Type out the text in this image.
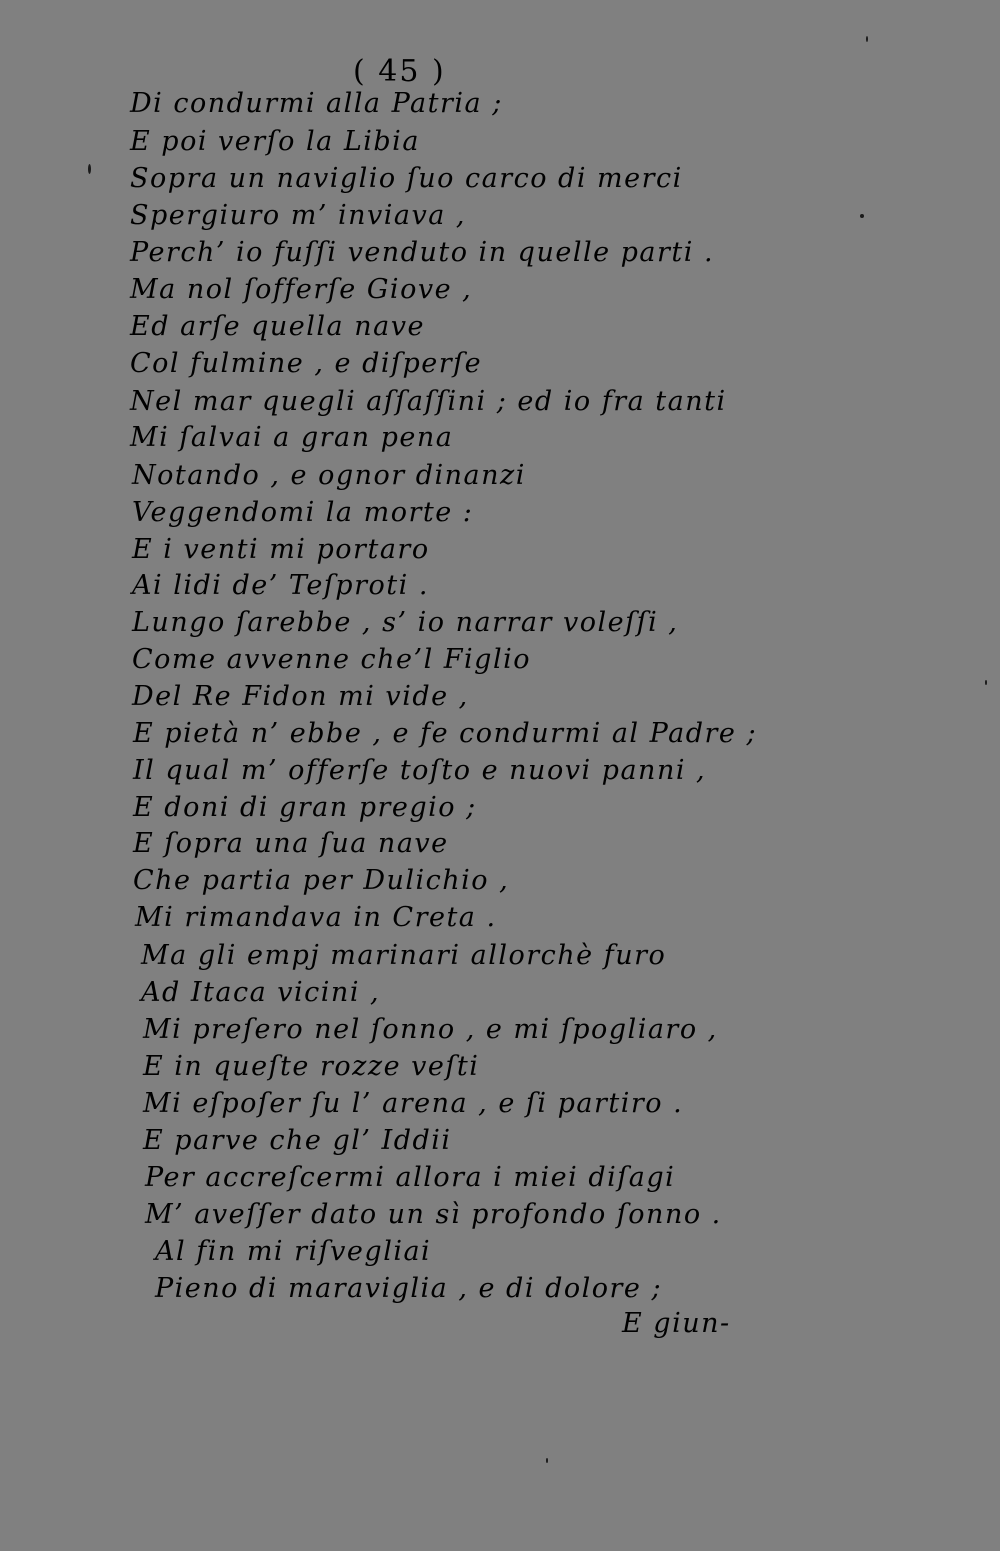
( 45 )
Di condurmi alla Patria ;
E poi verſo la Libia
Sopra un naviglio ſuo carco di merci
Spergiuro m’ inviava ,
Perch’ io fuſſi venduto in quelle parti .
Ma nol ſofferſe Giove ,
Ed arſe quella nave
Col fulmine , e diſperſe
Nel mar quegli aſſaſſini ; ed io fra tanti
Mi ſalvai a gran pena
Notando , e ognor dinanzi
Veggendomi la morte :
E i venti mi portaro
Ai lidi de’ Teſproti .
Lungo ſarebbe , s’ io narrar voleſſi ,
Come avvenne che’l Figlio
Del Re Fidon mi vide ,
E pietà n’ ebbe , e fe condurmi al Padre ;
Il qual m’ offerſe toſto e nuovi panni ,
E doni di gran pregio ;
E ſopra una ſua nave
Che partia per Dulichio ,
Mi rimandava in Creta .
Ma gli empj marinari allorchè furo
Ad Itaca vicini ,
Mi preſero nel ſonno , e mi ſpogliaro ,
E in queſte rozze veſti
Mi eſpoſer ſu l’ arena , e ſi partiro .
E parve che gl’ Iddii
Per accreſcermi allora i miei diſagi
M’ aveſſer dato un sì profondo ſonno .
Al fin mi riſvegliai
Pieno di maraviglia , e di dolore ;
E giun-
